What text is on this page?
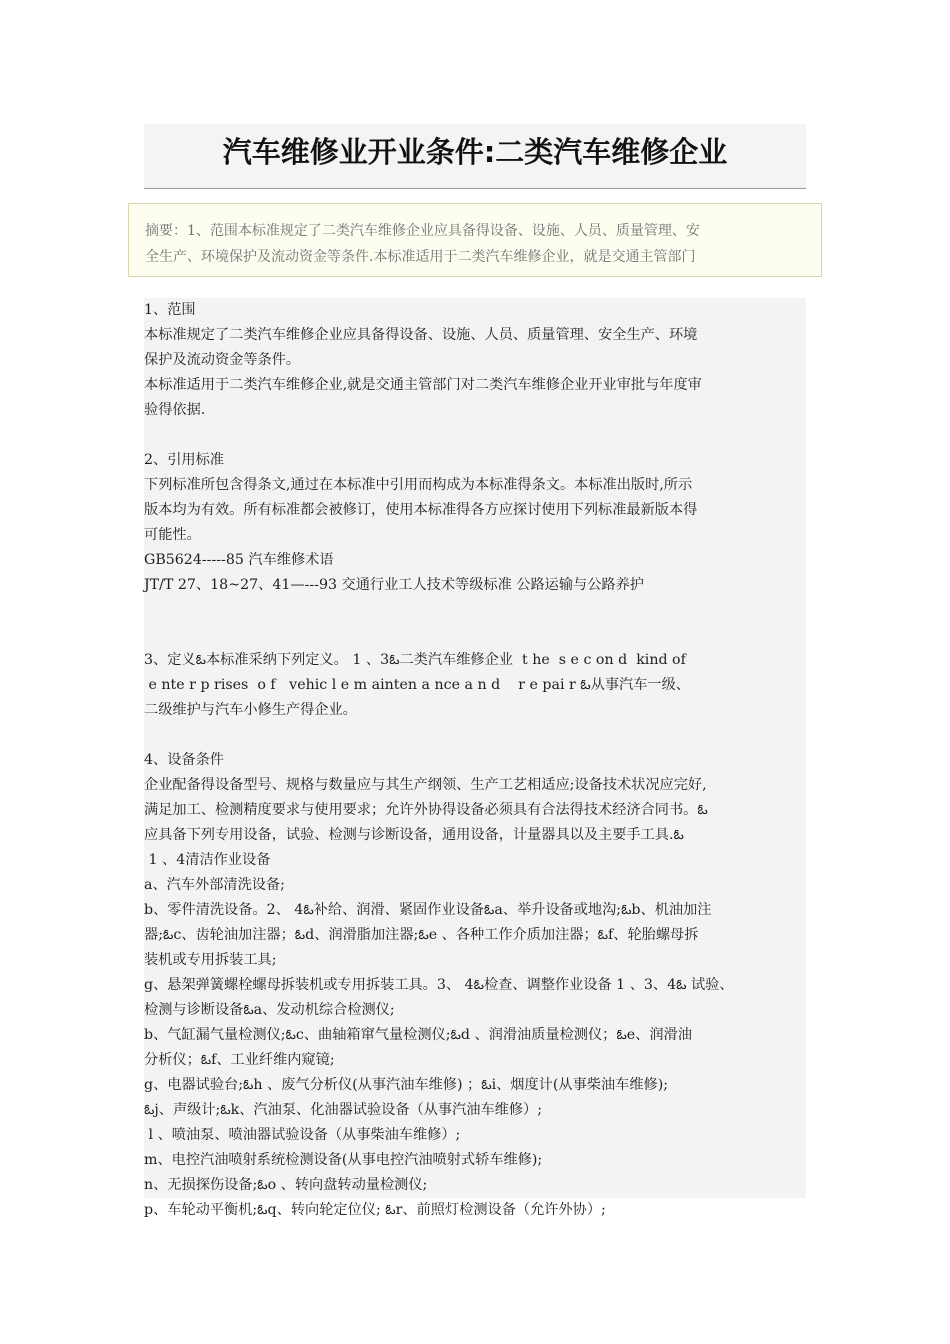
汽车维修业开业条件:二类汽车维修企业

摘要：1、范围本标准规定了二类汽车维修企业应具备得设备、设施、人员、质量管理、安

全生产、环境保护及流动资金等条件.本标准适用于二类汽车维修企业，就是交通主管部门

1、范围

本标准规定了二类汽车维修企业应具备得设备、设施、人员、质量管理、安全生产、环境

保护及流动资金等条件。

本标准适用于二类汽车维修企业,就是交通主管部门对二类汽车维修企业开业审批与年度审

验得依据.

2、引用标准

下列标准所包含得条文,通过在本标准中引用而构成为本标准得条文。本标准出版时,所示

版本均为有效。所有标准都会被修订，使用本标准得各方应探讨使用下列标准最新版本得

可能性。

GB5624-----85 汽车维修术语

JT/T 27、18~27、41—---93 交通行业工人技术等级标准 公路运输与公路养护

3、定义ఓ本标准采纳下列定义。 1 、3ఓ二类汽车维修企业  t he  s e c on d  kind of

e nte r p rises  o f   vehic l e m ainten a nce a n d    r e pai r ఓ从事汽车一级、

二级维护与汽车小修生产得企业。

4、设备条件

企业配备得设备型号、规格与数量应与其生产纲领、生产工艺相适应;设备技术状况应完好,

满足加工、检测精度要求与使用要求；允许外协得设备必须具有合法得技术经济合同书。ఓ

应具备下列专用设备，试验、检测与诊断设备，通用设备，计量器具以及主要手工具.ఓ

1 、4清洁作业设备

a、汽车外部清洗设备;

b、零件清洗设备。2、 4ఓ补给、润滑、紧固作业设备ఓa、举升设备或地沟;ఓb、机油加注

器;ఓc、齿轮油加注器；ఓd、润滑脂加注器;ఓe 、各种工作介质加注器；ఓf、轮胎螺母拆

装机或专用拆装工具;

g、悬架弹簧螺栓螺母拆装机或专用拆装工具。3、 4ఓ检查、调整作业设备 1 、3、4ఓ 试验、

检测与诊断设备ఓa、发动机综合检测仪;

b、气缸漏气量检测仪;ఓc、曲轴箱窜气量检测仪;ఓd 、润滑油质量检测仪；ఓe、润滑油

分析仪；ఓf、工业纤维内窥镜;

g、电器试验台;ఓh 、废气分析仪(从事汽油车维修) ；ఓi、烟度计(从事柴油车维修);

ఓj、声级计;ఓk、汽油泵、化油器试验设备（从事汽油车维修）;

l 、喷油泵、喷油器试验设备（从事柴油车维修）;

m、电控汽油喷射系统检测设备(从事电控汽油喷射式轿车维修);

n、无损探伤设备;ఓo 、转向盘转动量检测仪;

p、车轮动平衡机;ఓq、转向轮定位仪; ఓr、前照灯检测设备（允许外协）;
